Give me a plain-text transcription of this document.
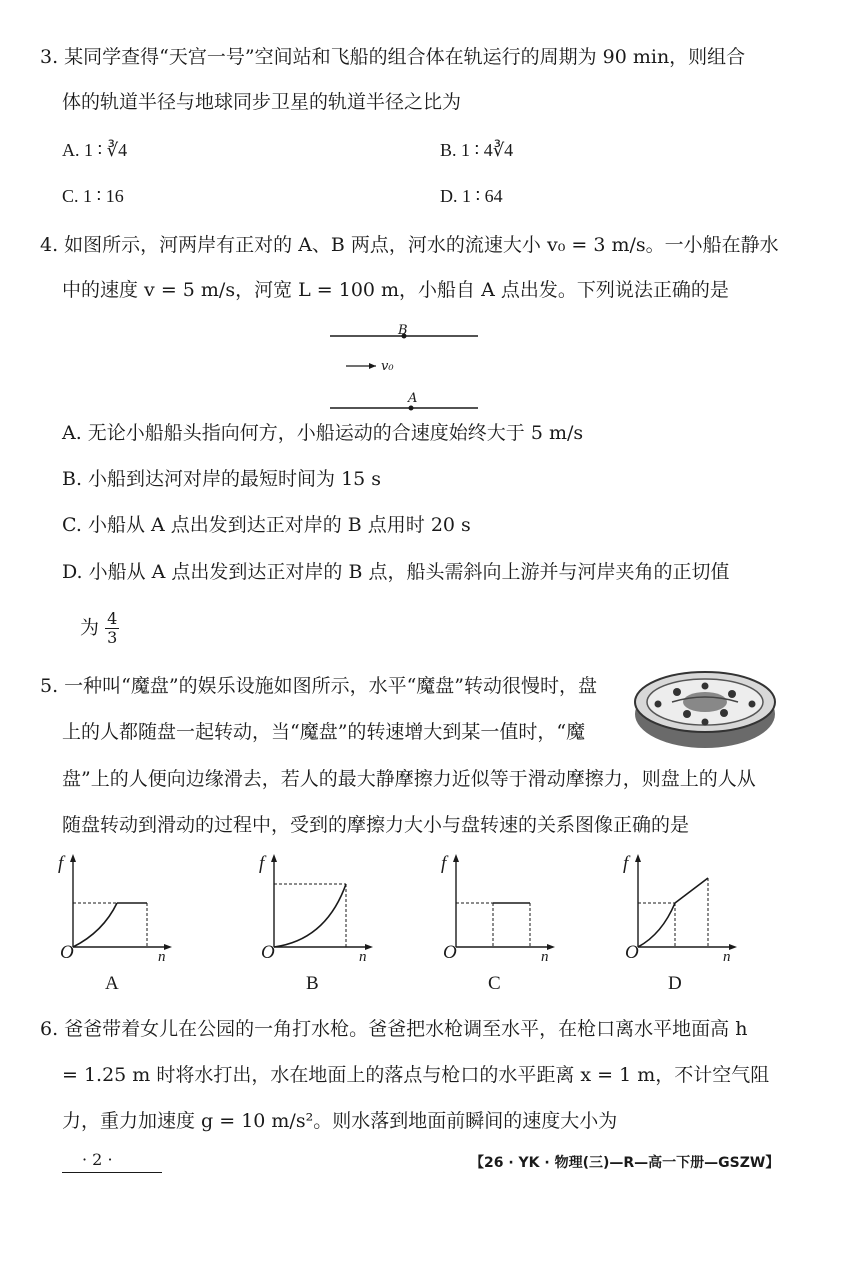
3. 某同学查得“天宫一号”空间站和飞船的组合体在轨运行的周期为 90 min，则组合
体的轨道半径与地球同步卫星的轨道半径之比为
A. 1 ∶ ∛4	B. 1 ∶ 4∛4
C. 1 ∶ 16	D. 1 ∶ 64
4. 如图所示，河两岸有正对的 A、B 两点，河水的流速大小 v₀ = 3 m/s。一小船在静水
中的速度 v = 5 m/s，河宽 L = 100 m，小船自 A 点出发。下列说法正确的是
B
v₀
A
A. 无论小船船头指向何方，小船运动的合速度始终大于 5 m/s
B. 小船到达河对岸的最短时间为 15 s
C. 小船从 A 点出发到达正对岸的 B 点用时 20 s
D. 小船从 A 点出发到达正对岸的 B 点，船头需斜向上游并与河岸夹角的正切值
为 $\frac{4}{3}$
5. 一种叫“魔盘”的娱乐设施如图所示，水平“魔盘”转动很慢时，盘
上的人都随盘一起转动，当“魔盘”的转速增大到某一值时，“魔
盘”上的人便向边缘滑去，若人的最大静摩擦力近似等于滑动摩擦力，则盘上的人从
随盘转动到滑动的过程中，受到的摩擦力大小与盘转速的关系图像正确的是
f
O	n
A
f
O	n
B
f
O	n
C
f
O	n
D
6. 爸爸带着女儿在公园的一角打水枪。爸爸把水枪调至水平，在枪口离水平地面高 h
= 1.25 m 时将水打出，水在地面上的落点与枪口的水平距离 x = 1 m，不计空气阻
力，重力加速度 g = 10 m/s²。则水落到地面前瞬间的速度大小为
· 2 ·	【26 · YK · 物理(三)—R—高一下册—GSZW】
